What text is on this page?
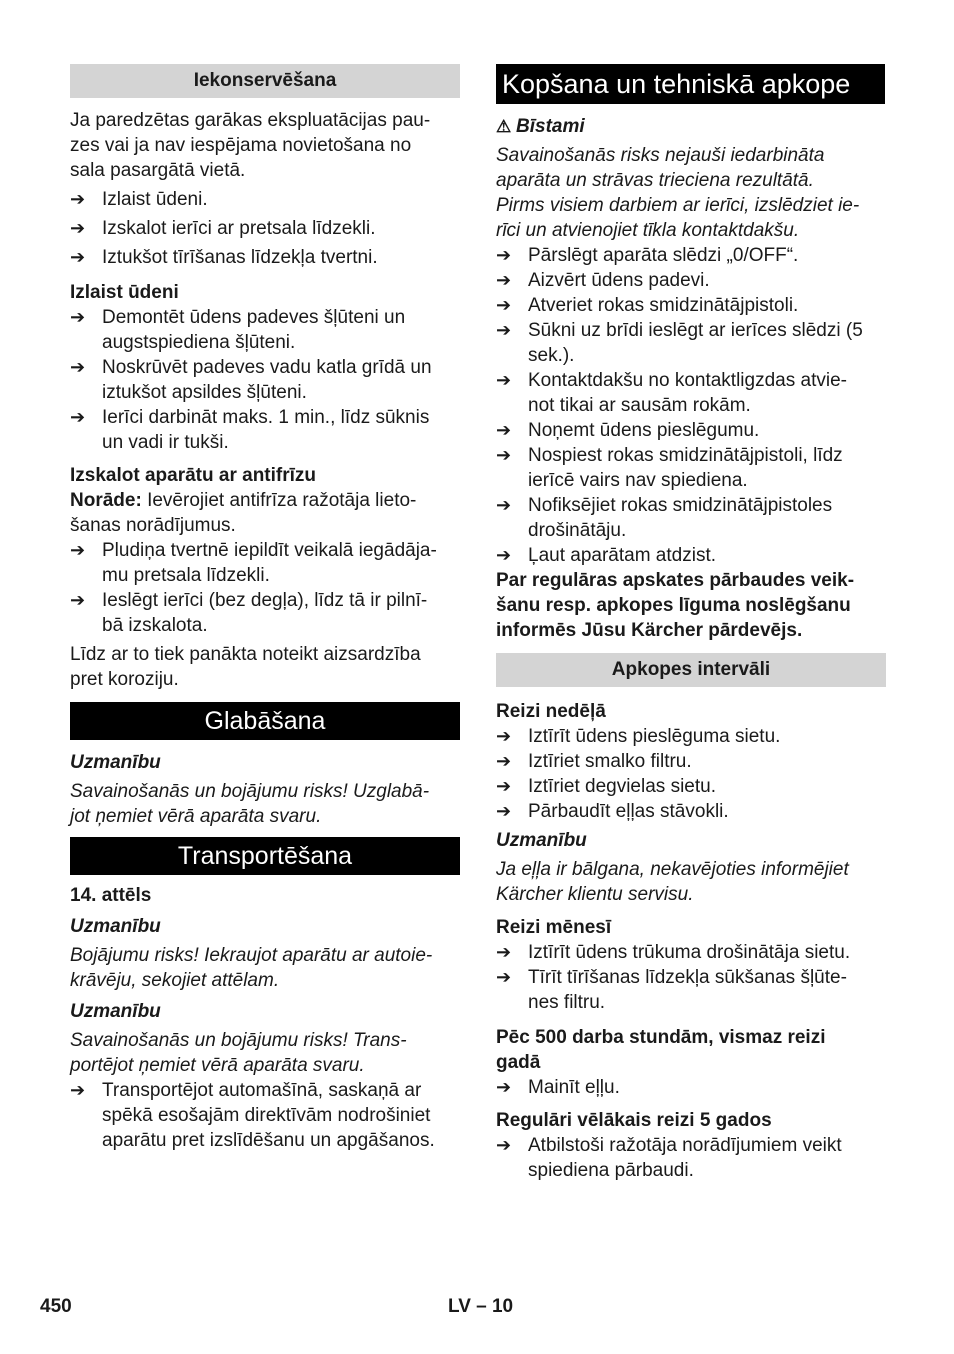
Iekonservēšana

Ja paredzētas garākas ekspluatācijas pau-
zes vai ja nav iespējama novietošana no
sala pasargātā vietā.

➔
Izlaist ūdeni.
➔
Izskalot ierīci ar pretsala līdzekli.
➔
Iztukšot tīrīšanas līdzekļa tvertni.

Izlaist ūdeni

➔
Demontēt ūdens padeves šļūteni un
augstspiediena šļūteni.
➔
Noskrūvēt padeves vadu katla grīdā un
iztukšot apsildes šļūteni.
➔
Ierīci darbināt maks. 1 min., līdz sūknis
un vadi ir tukši.

Izskalot aparātu ar antifrīzu

Norāde: Ievērojiet antifrīza ražotāja lieto-
šanas norādījumus.

➔
Pludiņa tvertnē iepildīt veikalā iegādāja-
mu pretsala līdzekli.
➔
Ieslēgt ierīci (bez degļa), līdz tā ir pilnī-
bā izskalota.

Līdz ar to tiek panākta noteikt aizsardzība
pret koroziju.

Glabāšana

Uzmanību

Savainošanās un bojājumu risks! Uzglabā-
jot ņemiet vērā aparāta svaru.

Transportēšana

14. attēls

Uzmanību

Bojājumu risks! Iekraujot aparātu ar autoie-
krāvēju, sekojiet attēlam.

Uzmanību

Savainošanās un bojājumu risks! Trans-
portējot ņemiet vērā aparāta svaru.

➔
Transportējot automašīnā, saskaņā ar
spēkā esošajām direktīvām nodrošiniet
aparātu pret izslīdēšanu un apgāšanos.
Kopšana un tehniskā apkope

⚠ Bīstami

Savainošanās risks nejauši iedarbināta
aparāta un strāvas trieciena rezultātā.
Pirms visiem darbiem ar ierīci, izslēdziet ie-
rīci un atvienojiet tīkla kontaktdakšu.

➔
Pārslēgt aparāta slēdzi „0/OFF“.
➔
Aizvērt ūdens padevi.
➔
Atveriet rokas smidzinātājpistoli.
➔
Sūkni uz brīdi ieslēgt ar ierīces slēdzi (5
sek.).
➔
Kontaktdakšu no kontaktligzdas atvie-
not tikai ar sausām rokām.
➔
Noņemt ūdens pieslēgumu.
➔
Nospiest rokas smidzinātājpistoli, līdz
ierīcē vairs nav spiediena.
➔
Nofiksējiet rokas smidzinātājpistoles
drošinātāju.
➔
Ļaut aparātam atdzist.

Par regulāras apskates pārbaudes veik-
šanu resp. apkopes līguma noslēgšanu
informēs Jūsu Kärcher pārdevējs.

Apkopes intervāli

Reizi nedēļā

➔
Iztīrīt ūdens pieslēguma sietu.
➔
Iztīriet smalko filtru.
➔
Iztīriet degvielas sietu.
➔
Pārbaudīt eļļas stāvokli.

Uzmanību

Ja eļļa ir bālgana, nekavējoties informējiet
Kärcher klientu servisu.

Reizi mēnesī

➔
Iztīrīt ūdens trūkuma drošinātāja sietu.
➔
Tīrīt tīrīšanas līdzekļa sūkšanas šļūte-
nes filtru.

Pēc 500 darba stundām, vismaz reizi
gadā

➔
Mainīt eļļu.

Regulāri vēlākais reizi 5 gados

➔
Atbilstoši ražotāja norādījumiem veikt
spiediena pārbaudi.
450	LV – 10
